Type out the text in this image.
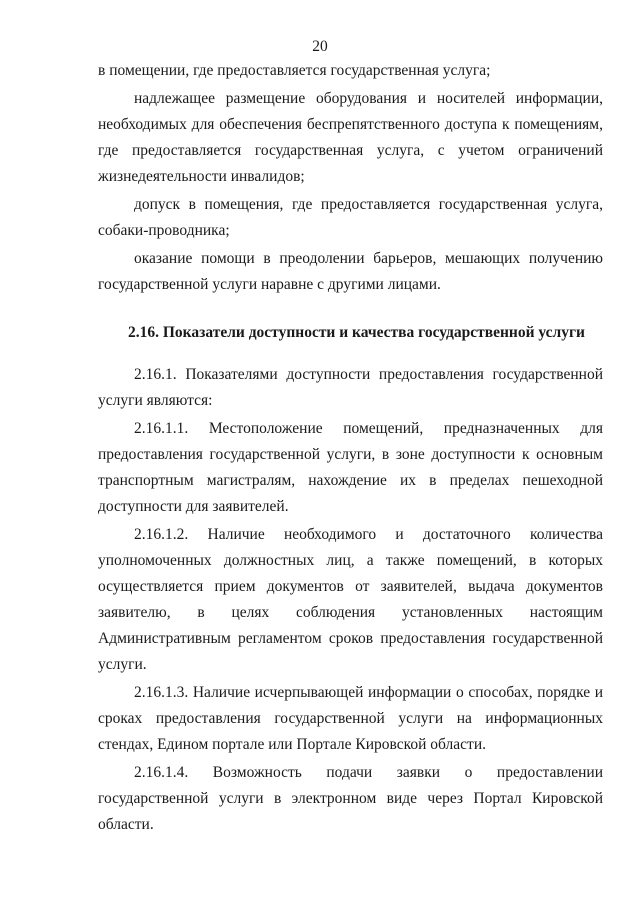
20

в помещении, где предоставляется государственная услуга;

надлежащее размещение оборудования и носителей информации, необходимых для обеспечения беспрепятственного доступа к помещениям, где предоставляется государственная услуга, с учетом ограничений жизнедеятельности инвалидов;

допуск в помещения, где предоставляется государственная услуга, собаки-проводника;

оказание помощи в преодолении барьеров, мешающих получению государственной услуги наравне с другими лицами.

2.16. Показатели доступности и качества государственной услуги

2.16.1. Показателями доступности предоставления государственной услуги являются:

2.16.1.1. Местоположение помещений, предназначенных для предоставления государственной услуги, в зоне доступности к основным транспортным магистралям, нахождение их в пределах пешеходной доступности для заявителей.

2.16.1.2. Наличие необходимого и достаточного количества уполномоченных должностных лиц, а также помещений, в которых осуществляется прием документов от заявителей, выдача документов заявителю, в целях соблюдения установленных настоящим Административным регламентом сроков предоставления государственной услуги.

2.16.1.3. Наличие исчерпывающей информации о способах, порядке и сроках предоставления государственной услуги на информационных стендах, Едином портале или Портале Кировской области.

2.16.1.4. Возможность подачи заявки о предоставлении государственной услуги в электронном виде через Портал Кировской области.
